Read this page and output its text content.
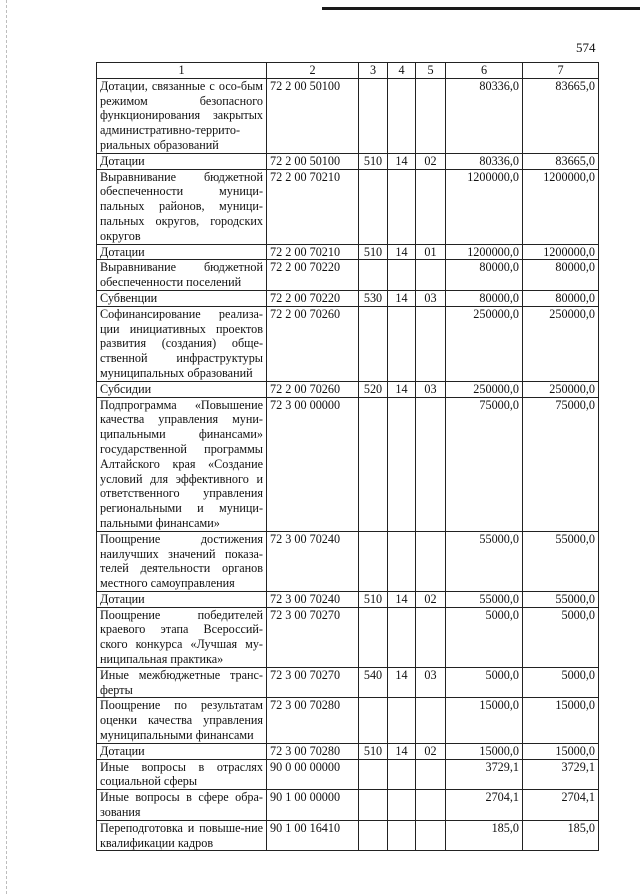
574
1	2	3	4	5	6	7
Дотации, связанные с осо-бым режимом безопасного функционирования закрытых административно-террито-риальных образований	72 2 00 50100				80336,0	83665,0
Дотации	72 2 00 50100	510	14	02	80336,0	83665,0
Выравнивание бюджетной обеспеченности муници-пальных районов, муници-пальных округов, городских округов	72 2 00 70210				1200000,0	1200000,0
Дотации	72 2 00 70210	510	14	01	1200000,0	1200000,0
Выравнивание бюджетной обеспеченности поселений	72 2 00 70220				80000,0	80000,0
Субвенции	72 2 00 70220	530	14	03	80000,0	80000,0
Софинансирование реализа-ции инициативных проектов развития (создания) обще-ственной инфраструктуры муниципальных образований	72 2 00 70260				250000,0	250000,0
Субсидии	72 2 00 70260	520	14	03	250000,0	250000,0
Подпрограмма «Повышение качества управления муни-ципальными финансами» государственной программы Алтайского края «Создание условий для эффективного и ответственного управления региональными и муници-пальными финансами»	72 3 00 00000				75000,0	75000,0
Поощрение достижения наилучших значений показа-телей деятельности органов местного самоуправления	72 3 00 70240				55000,0	55000,0
Дотации	72 3 00 70240	510	14	02	55000,0	55000,0
Поощрение победителей краевого этапа Всероссий-ского конкурса «Лучшая му-ниципальная практика»	72 3 00 70270				5000,0	5000,0
Иные межбюджетные транс-ферты	72 3 00 70270	540	14	03	5000,0	5000,0
Поощрение по результатам оценки качества управления муниципальными финансами	72 3 00 70280				15000,0	15000,0
Дотации	72 3 00 70280	510	14	02	15000,0	15000,0
Иные вопросы в отраслях социальной сферы	90 0 00 00000				3729,1	3729,1
Иные вопросы в сфере обра-зования	90 1 00 00000				2704,1	2704,1
Переподготовка и повыше-ние квалификации кадров	90 1 00 16410				185,0	185,0
